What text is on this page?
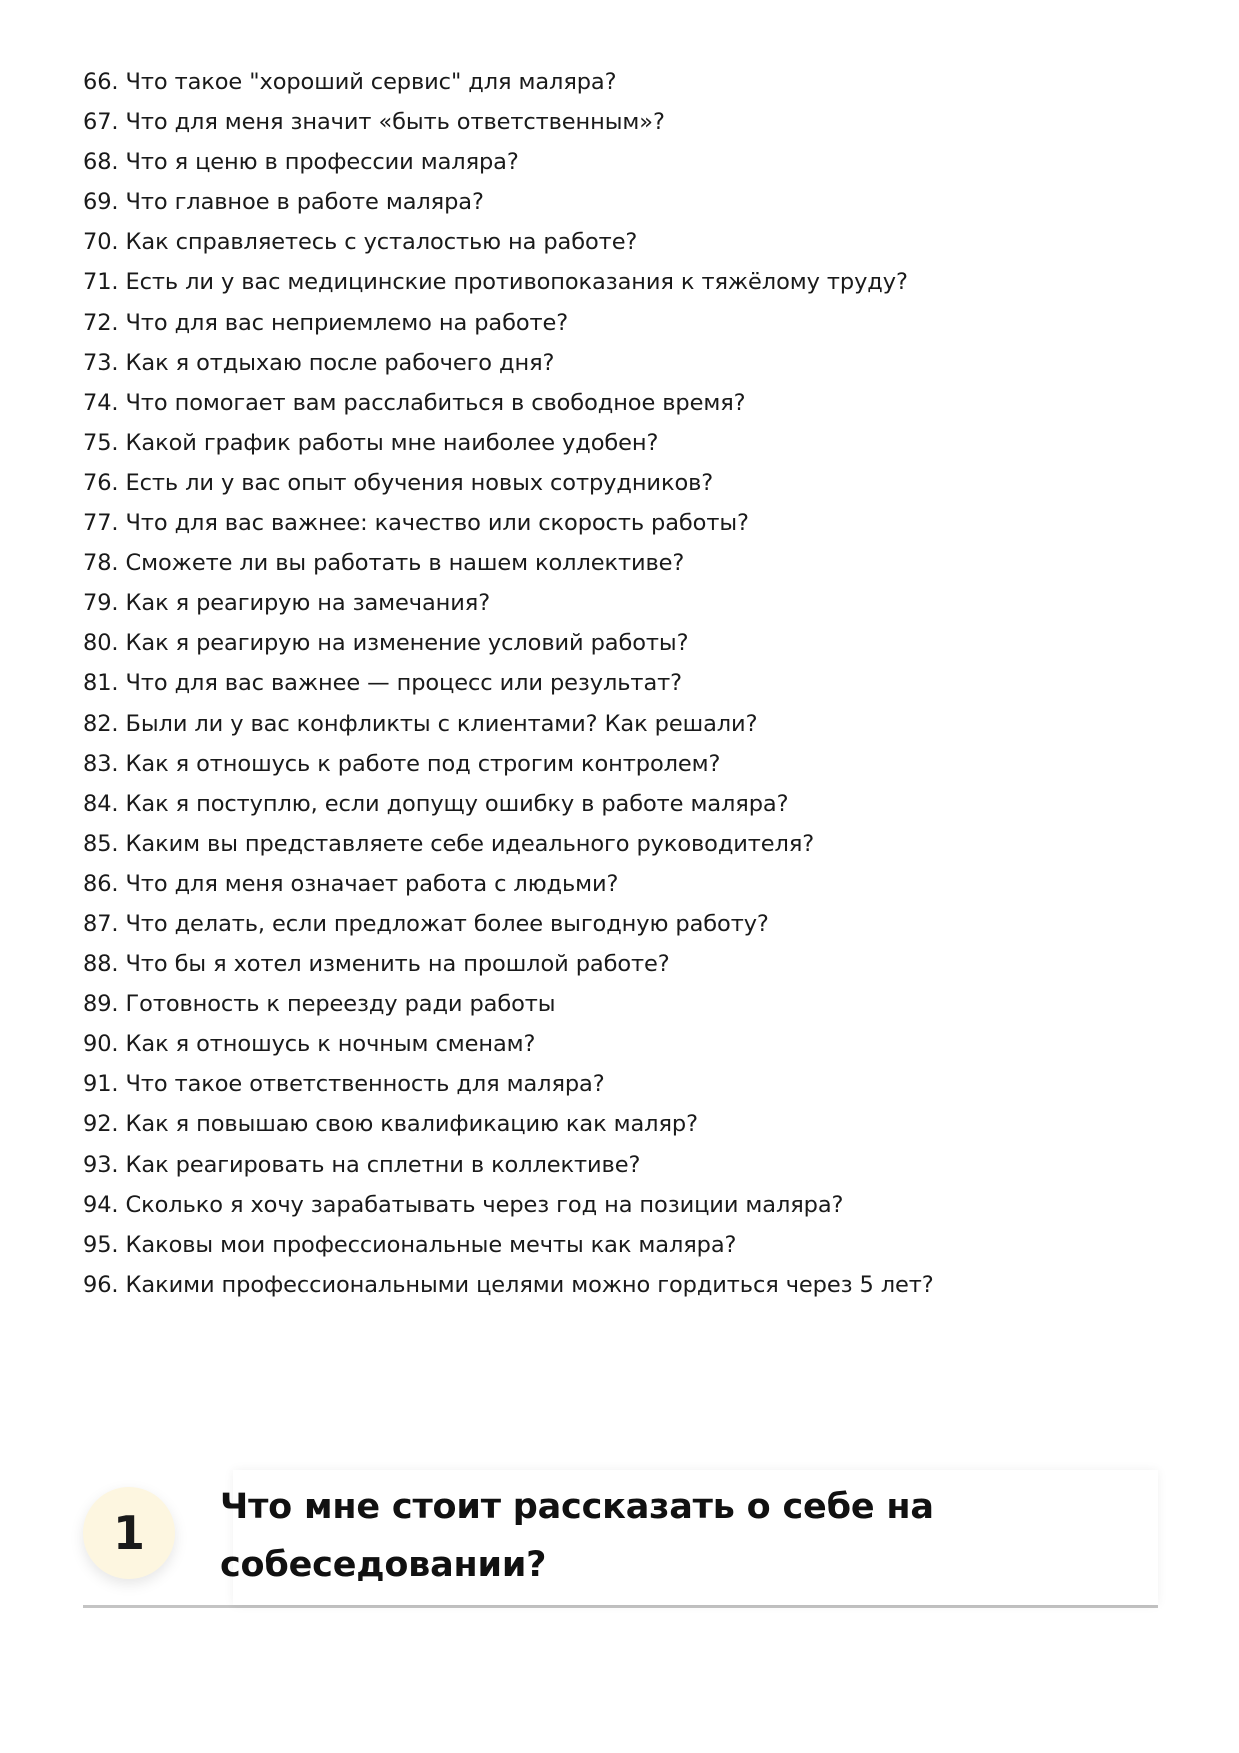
66. Что такое "хороший сервис" для маляра?
67. Что для меня значит «быть ответственным»?
68. Что я ценю в профессии маляра?
69. Что главное в работе маляра?
70. Как справляетесь с усталостью на работе?
71. Есть ли у вас медицинские противопоказания к тяжёлому труду?
72. Что для вас неприемлемо на работе?
73. Как я отдыхаю после рабочего дня?
74. Что помогает вам расслабиться в свободное время?
75. Какой график работы мне наиболее удобен?
76. Есть ли у вас опыт обучения новых сотрудников?
77. Что для вас важнее: качество или скорость работы?
78. Сможете ли вы работать в нашем коллективе?
79. Как я реагирую на замечания?
80. Как я реагирую на изменение условий работы?
81. Что для вас важнее — процесс или результат?
82. Были ли у вас конфликты с клиентами? Как решали?
83. Как я отношусь к работе под строгим контролем?
84. Как я поступлю, если допущу ошибку в работе маляра?
85. Каким вы представляете себе идеального руководителя?
86. Что для меня означает работа с людьми?
87. Что делать, если предложат более выгодную работу?
88. Что бы я хотел изменить на прошлой работе?
89. Готовность к переезду ради работы
90. Как я отношусь к ночным сменам?
91. Что такое ответственность для маляра?
92. Как я повышаю свою квалификацию как маляр?
93. Как реагировать на сплетни в коллективе?
94. Сколько я хочу зарабатывать через год на позиции маляра?
95. Каковы мои профессиональные мечты как маляра?
96. Какими профессиональными целями можно гордиться через 5 лет?
1	Что мне стоит рассказать о себе на собеседовании?
